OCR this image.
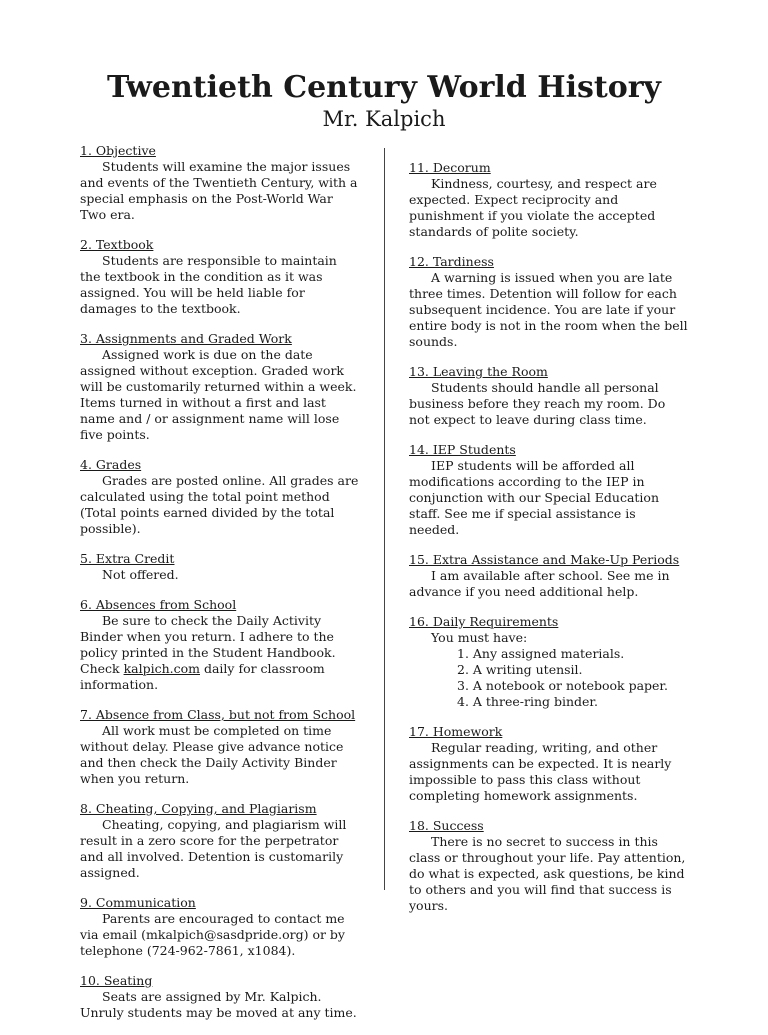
Twentieth Century World History
Mr. Kalpich
1. Objective

Students will examine the major issues and events of the Twentieth Century, with a special emphasis on the Post-World War Two era.

2. Textbook

Students are responsible to maintain the textbook in the condition as it was assigned. You will be held liable for damages to the textbook.

3. Assignments and Graded Work

Assigned work is due on the date assigned without exception. Graded work will be customarily returned within a week. Items turned in without a first and last name and / or assignment name will lose five points.

4. Grades

Grades are posted online. All grades are calculated using the total point method (Total points earned divided by the total possible).

5. Extra Credit

Not offered.

6. Absences from School

Be sure to check the Daily Activity Binder when you return. I adhere to the policy printed in the Student Handbook. Check kalpich.com daily for classroom information.

7. Absence from Class, but not from School

All work must be completed on time without delay. Please give advance notice and then check the Daily Activity Binder when you return.

8. Cheating, Copying, and Plagiarism

Cheating, copying, and plagiarism will result in a zero score for the perpetrator and all involved. Detention is customarily assigned.

9. Communication

Parents are encouraged to contact me via email (mkalpich@sasdpride.org) or by telephone (724-962-7861, x1084).

10. Seating

Seats are assigned by Mr. Kalpich. Unruly students may be moved at any time.

11. Decorum

Kindness, courtesy, and respect are expected. Expect reciprocity and punishment if you violate the accepted standards of polite society.

12. Tardiness

A warning is issued when you are late three times. Detention will follow for each subsequent incidence. You are late if your entire body is not in the room when the bell sounds.

13. Leaving the Room

Students should handle all personal business before they reach my room. Do not expect to leave during class time.

14. IEP Students

IEP students will be afforded all modifications according to the IEP in conjunction with our Special Education staff. See me if special assistance is needed.

15. Extra Assistance and Make-Up Periods

I am available after school. See me in advance if you need additional help.

16. Daily Requirements

You must have:

1. Any assigned materials.
2. A writing utensil.
3. A notebook or notebook paper.
4. A three-ring binder.
17. Homework

Regular reading, writing, and other assignments can be expected. It is nearly impossible to pass this class without completing homework assignments.

18. Success

There is no secret to success in this class or throughout your life. Pay attention, do what is expected, ask questions, be kind to others and you will find that success is yours.
